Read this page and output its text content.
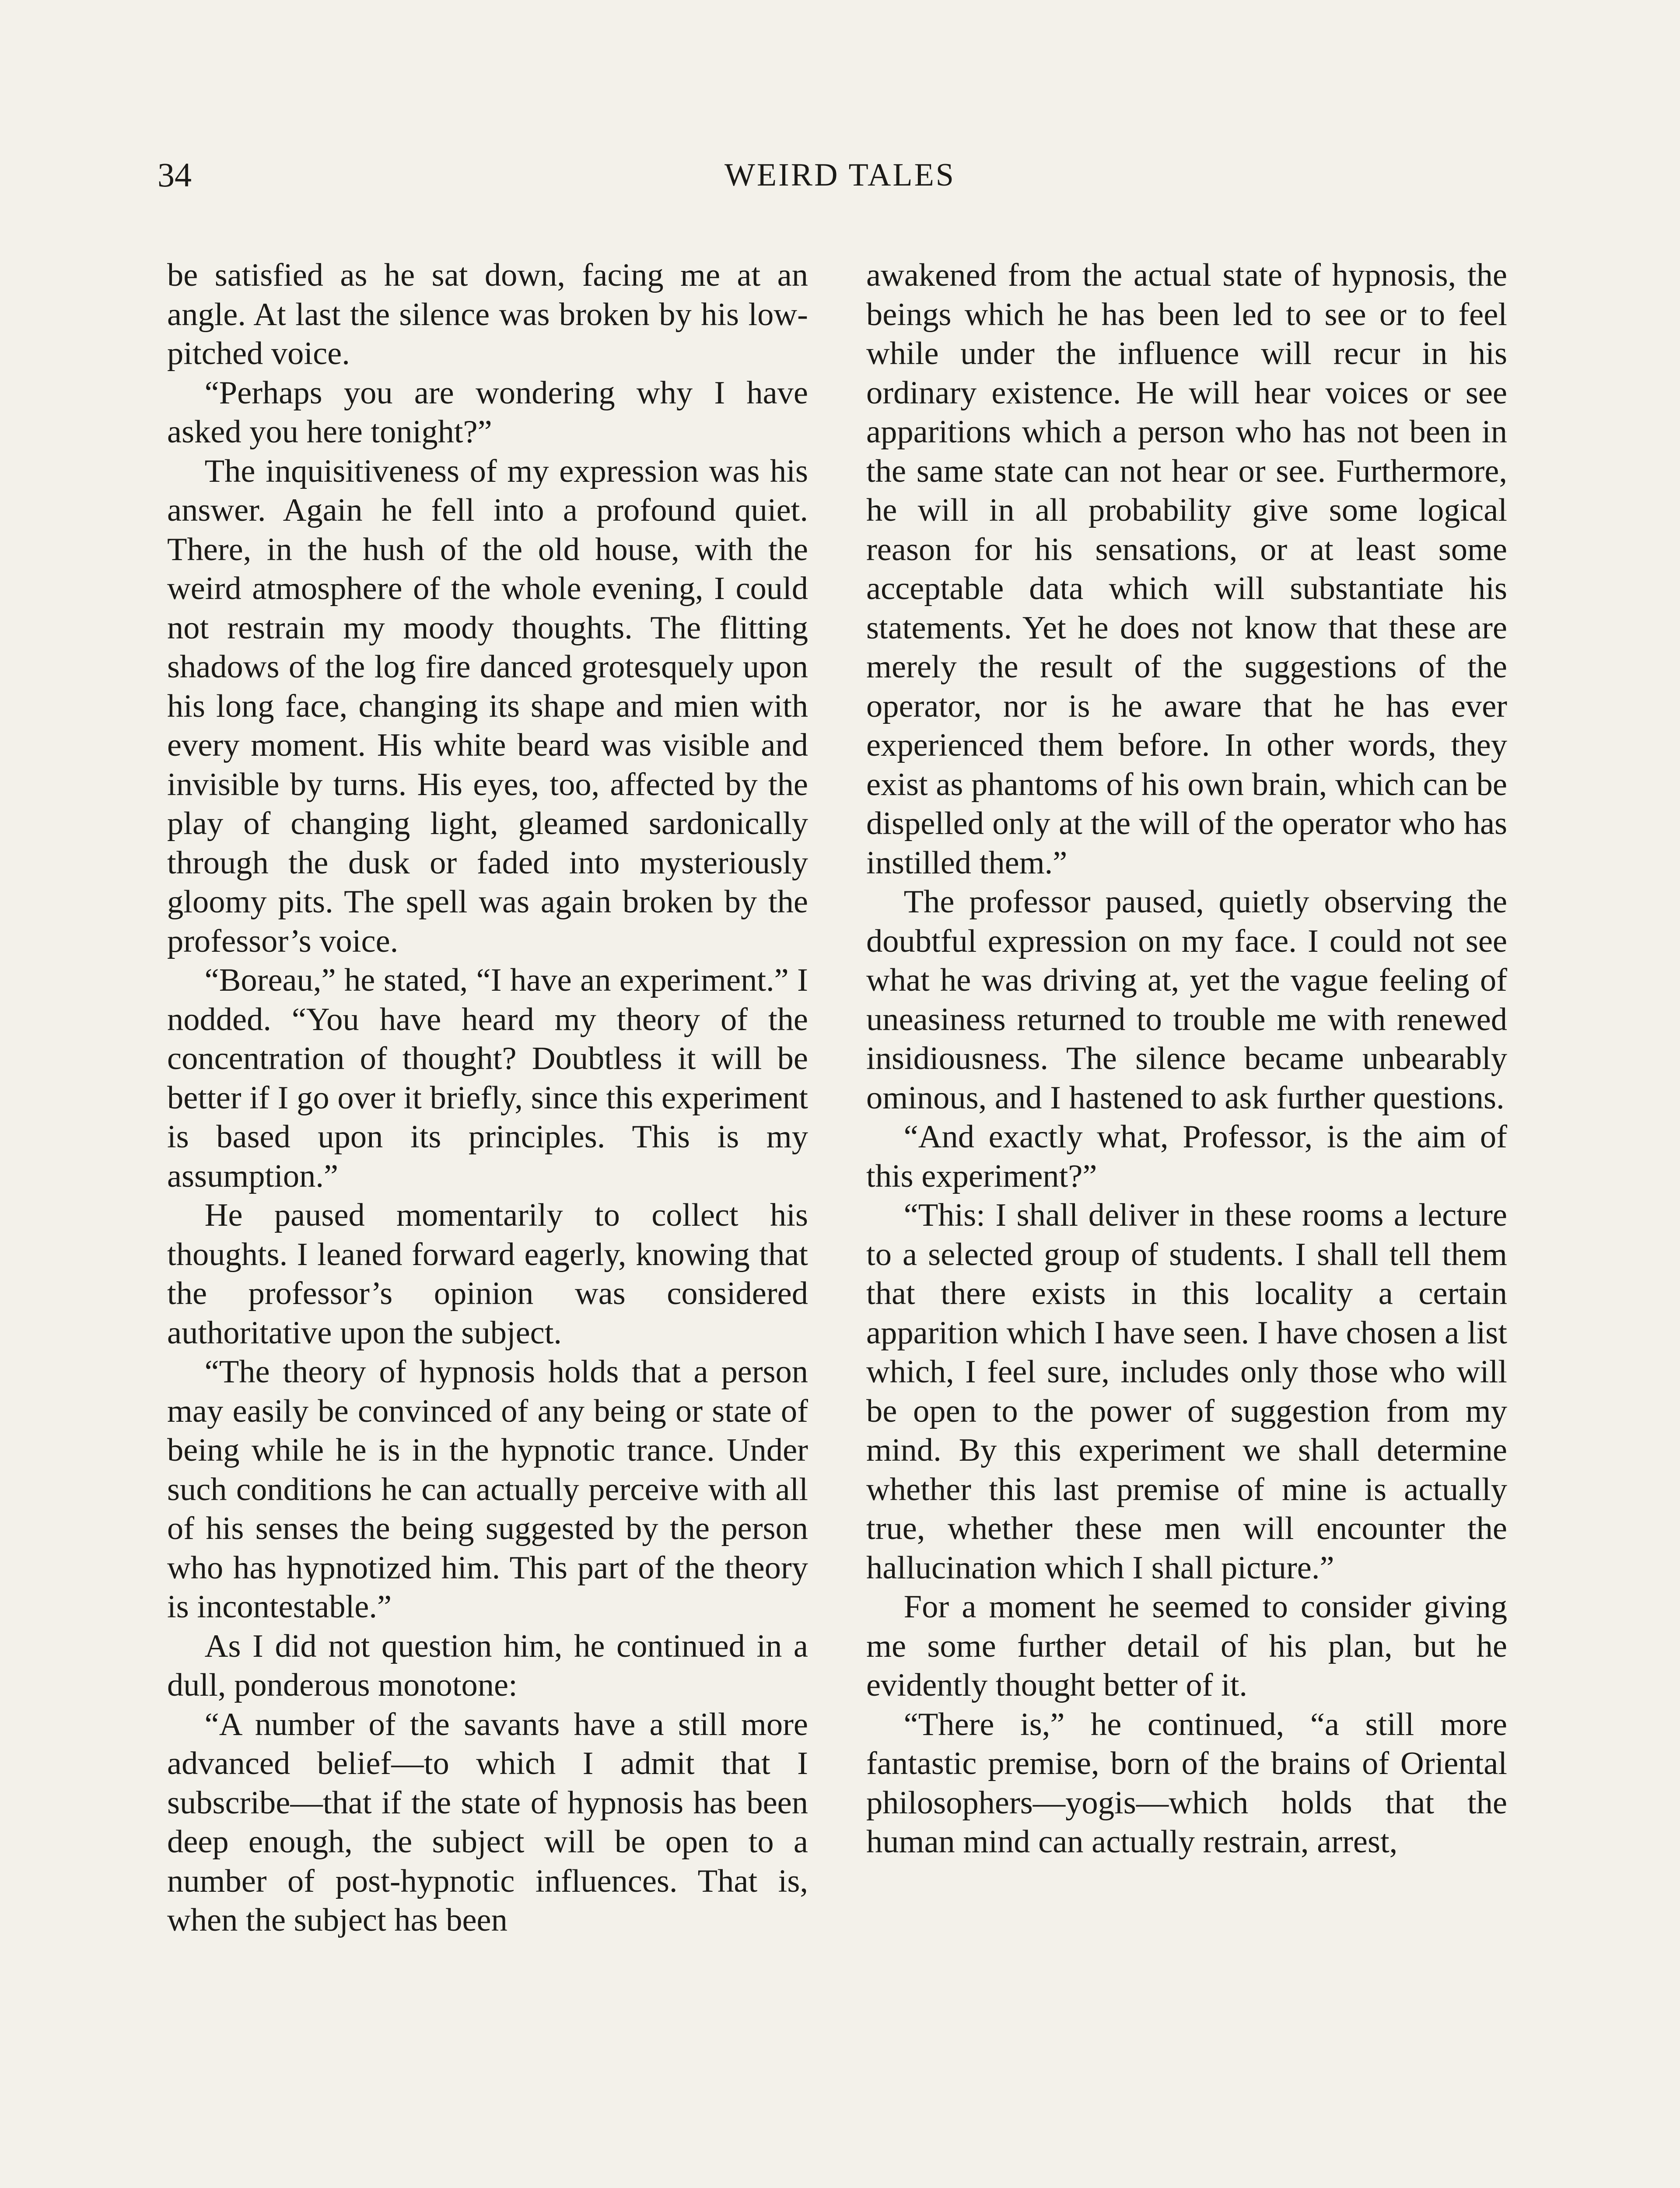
34	WEIRD TALES

be satisfied as he sat down, facing me at an angle. At last the silence was broken by his low-pitched voice.

“Perhaps you are wondering why I have asked you here tonight?”

The inquisitiveness of my expression was his answer. Again he fell into a profound quiet. There, in the hush of the old house, with the weird atmosphere of the whole evening, I could not restrain my moody thoughts. The flitting shadows of the log fire danced grotesquely upon his long face, changing its shape and mien with every moment. His white beard was visible and invisible by turns. His eyes, too, affected by the play of changing light, gleamed sardonically through the dusk or faded into mysteriously gloomy pits. The spell was again broken by the professor’s voice.

“Boreau,” he stated, “I have an experiment.” I nodded. “You have heard my theory of the concentration of thought? Doubtless it will be better if I go over it briefly, since this experiment is based upon its principles. This is my assumption.”

He paused momentarily to collect his thoughts. I leaned forward eagerly, knowing that the professor’s opinion was considered authoritative upon the subject.

“The theory of hypnosis holds that a person may easily be convinced of any being or state of being while he is in the hypnotic trance. Under such conditions he can actually perceive with all of his senses the being suggested by the person who has hypnotized him. This part of the theory is incontestable.”

As I did not question him, he continued in a dull, ponderous monotone:

“A number of the savants have a still more advanced belief—to which I admit that I subscribe—that if the state of hypnosis has been deep enough, the subject will be open to a number of post-hypnotic influences. That is, when the subject has been

awakened from the actual state of hypnosis, the beings which he has been led to see or to feel while under the influence will recur in his ordinary existence. He will hear voices or see apparitions which a person who has not been in the same state can not hear or see. Furthermore, he will in all probability give some logical reason for his sensations, or at least some acceptable data which will substantiate his statements. Yet he does not know that these are merely the result of the suggestions of the operator, nor is he aware that he has ever experienced them before. In other words, they exist as phantoms of his own brain, which can be dispelled only at the will of the operator who has instilled them.”

The professor paused, quietly observing the doubtful expression on my face. I could not see what he was driving at, yet the vague feeling of uneasiness returned to trouble me with renewed insidiousness. The silence became unbearably ominous, and I hastened to ask further questions.

“And exactly what, Professor, is the aim of this experiment?”

“This: I shall deliver in these rooms a lecture to a selected group of students. I shall tell them that there exists in this locality a certain apparition which I have seen. I have chosen a list which, I feel sure, includes only those who will be open to the power of suggestion from my mind. By this experiment we shall determine whether this last premise of mine is actually true, whether these men will encounter the hallucination which I shall picture.”

For a moment he seemed to consider giving me some further detail of his plan, but he evidently thought better of it.

“There is,” he continued, “a still more fantastic premise, born of the brains of Oriental philosophers—yogis—which holds that the human mind can actually restrain, arrest,
